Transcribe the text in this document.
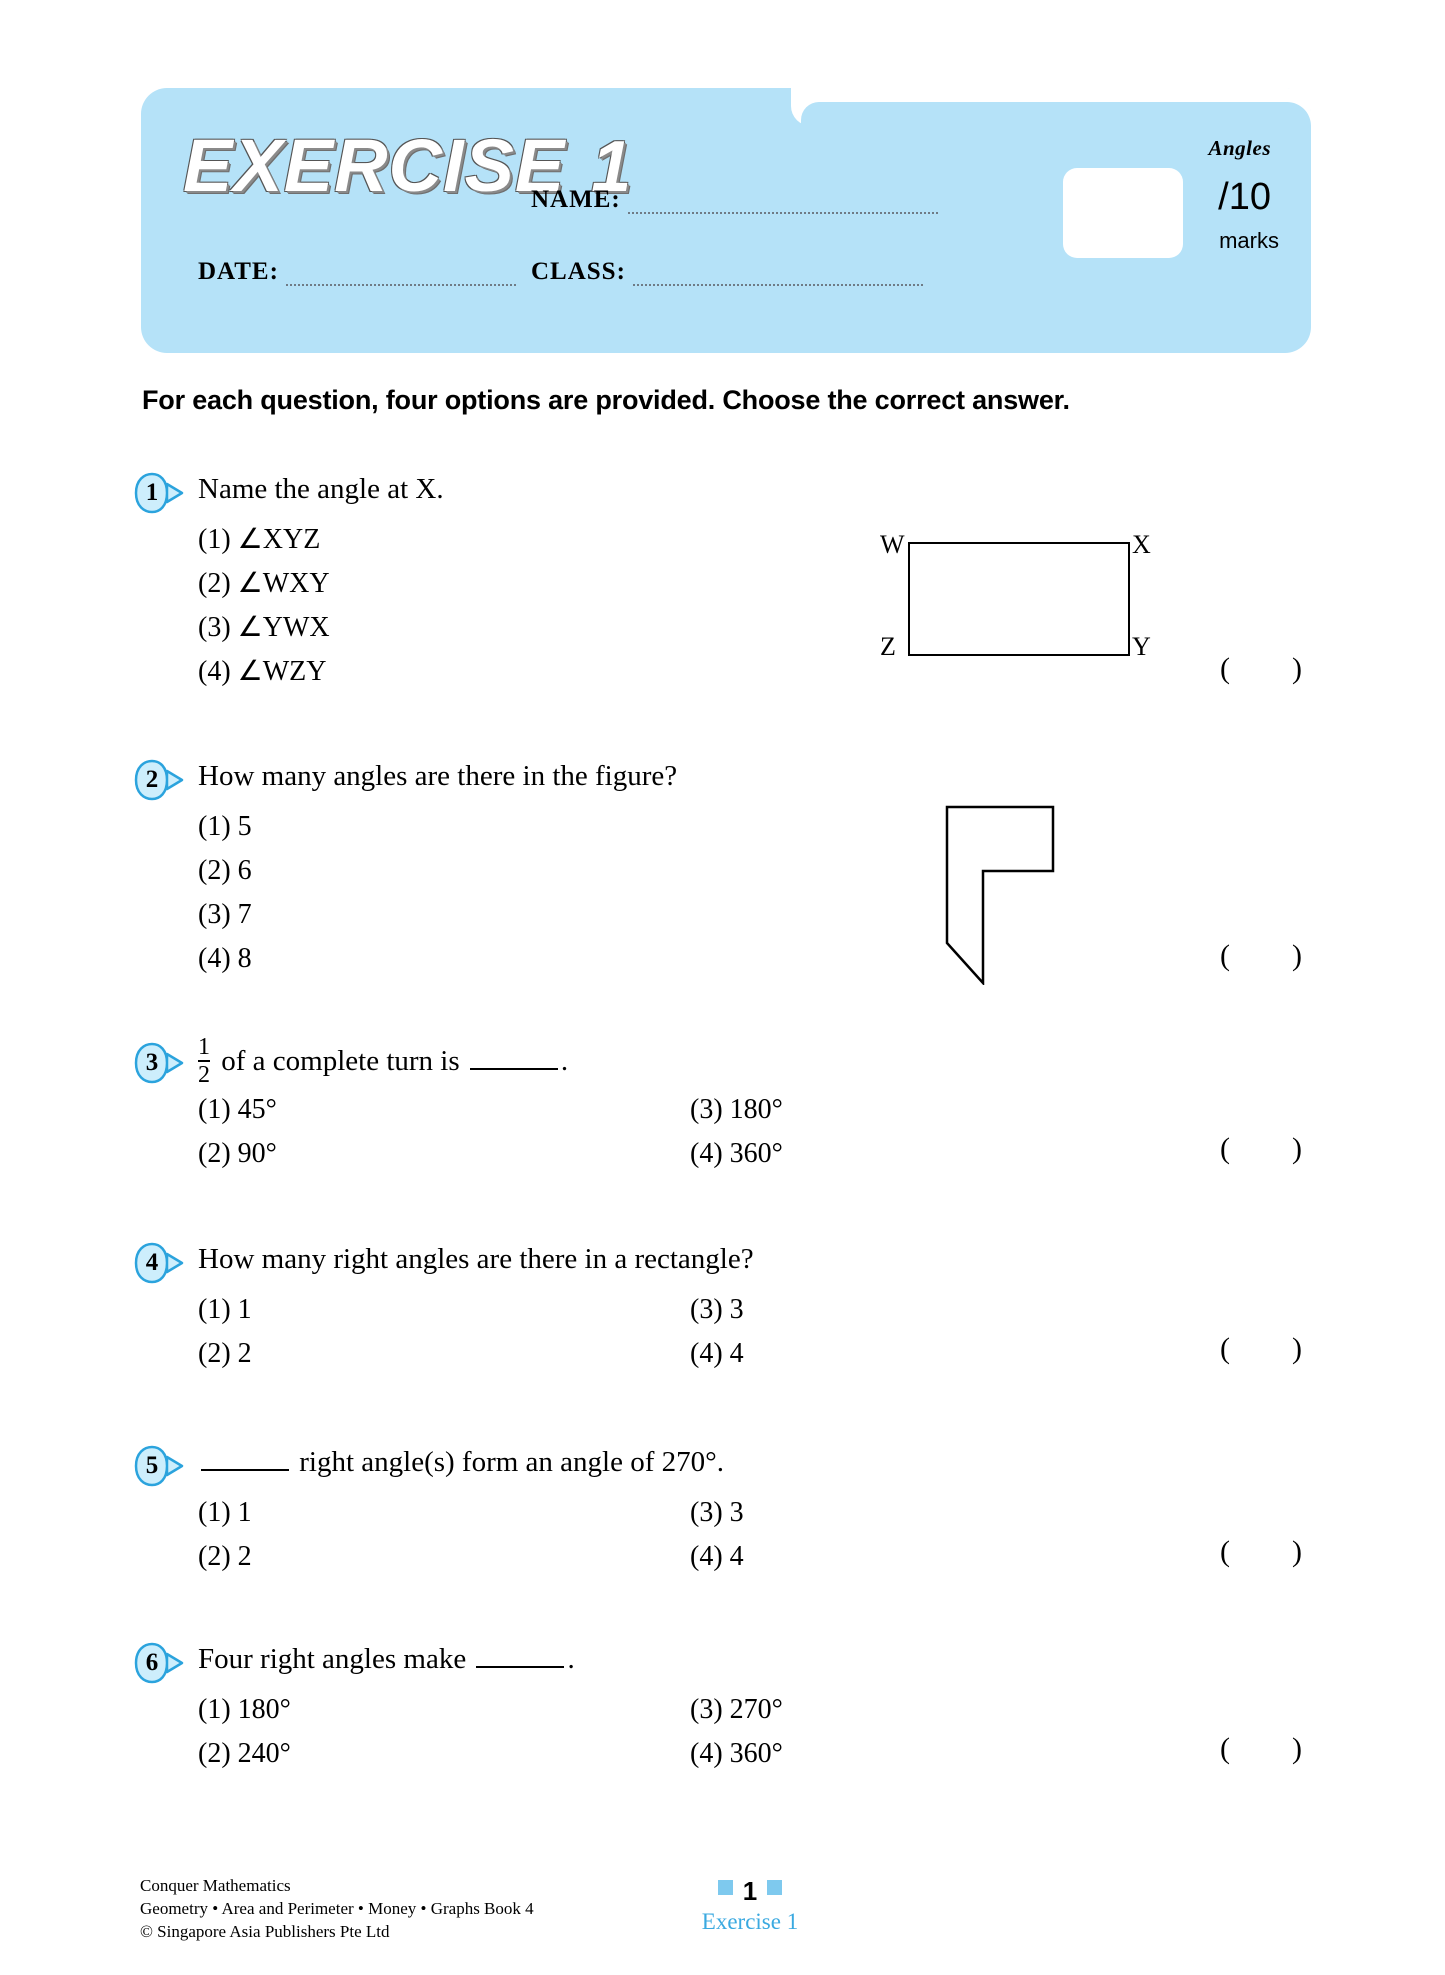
Angles
EXERCISE 1
NAME:
DATE:	CLASS:
/10
marks
For each question, four options are provided. Choose the correct answer.
1	Name the angle at X.
(1) ∠XYZ
(2) ∠WXY
(3) ∠YWX
(4) ∠WZY	( )
W	X
Z	Y
2	How many angles are there in the figure?
(1) 5
(2) 6
(3) 7
(4) 8	( )
3	$\frac{1}{2}$ of a complete turn is	.
(1) 45°
(2) 90°
(3) 180°
(4) 360°	( )
4	How many right angles are there in a rectangle?
(1) 1
(2) 2
(3) 3
(4) 4	( )
5	right angle(s) form an angle of 270°.
(1) 1
(2) 2
(3) 3
(4) 4	( )
6	Four right angles make	.
(1) 180°
(2) 240°
(3) 270°
(4) 360°	( )
Conquer Mathematics
Geometry • Area and Perimeter • Money • Graphs Book 4
© Singapore Asia Publishers Pte Ltd
1
Exercise 1
